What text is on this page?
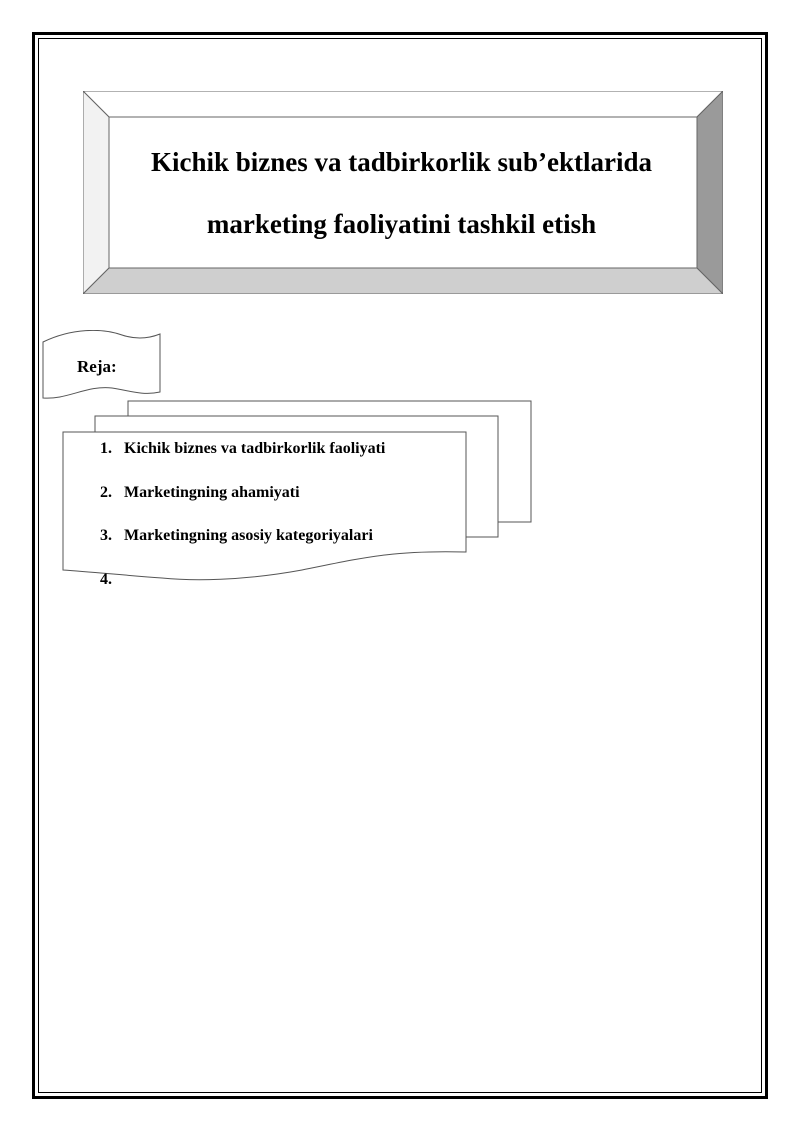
Kichik biznes va tadbirkorlik sub’ektlarida
marketing faoliyatini tashkil etish
Reja:
1. Kichik biznes va tadbirkorlik faoliyati
2. Marketingning ahamiyati
3. Marketingning asosiy kategoriyalari
4.
